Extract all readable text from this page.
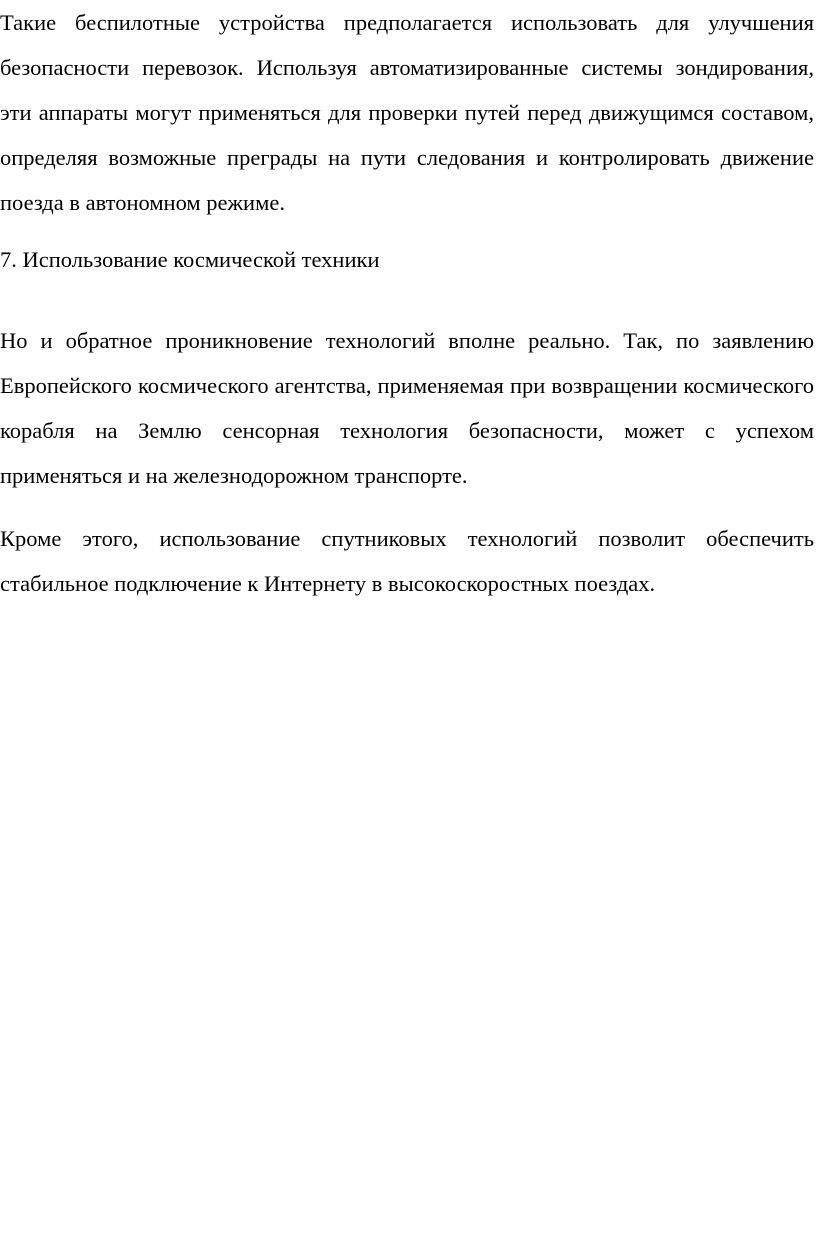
Такие беспилотные устройства предполагается использовать для улучшения безопасности перевозок. Используя автоматизированные системы зондирования, эти аппараты могут применяться для проверки путей перед движущимся составом, определяя возможные преграды на пути следования и контролировать движение поезда в автономном режиме.

7. Использование космической техники

Но и обратное проникновение технологий вполне реально. Так, по заявлению Европейского космического агентства, применяемая при возвращении космического корабля на Землю сенсорная технология безопасности, может с успехом применяться и на железнодорожном транспорте.

Кроме этого, использование спутниковых технологий позволит обеспечить стабильное подключение к Интернету в высокоскоростных поездах.
